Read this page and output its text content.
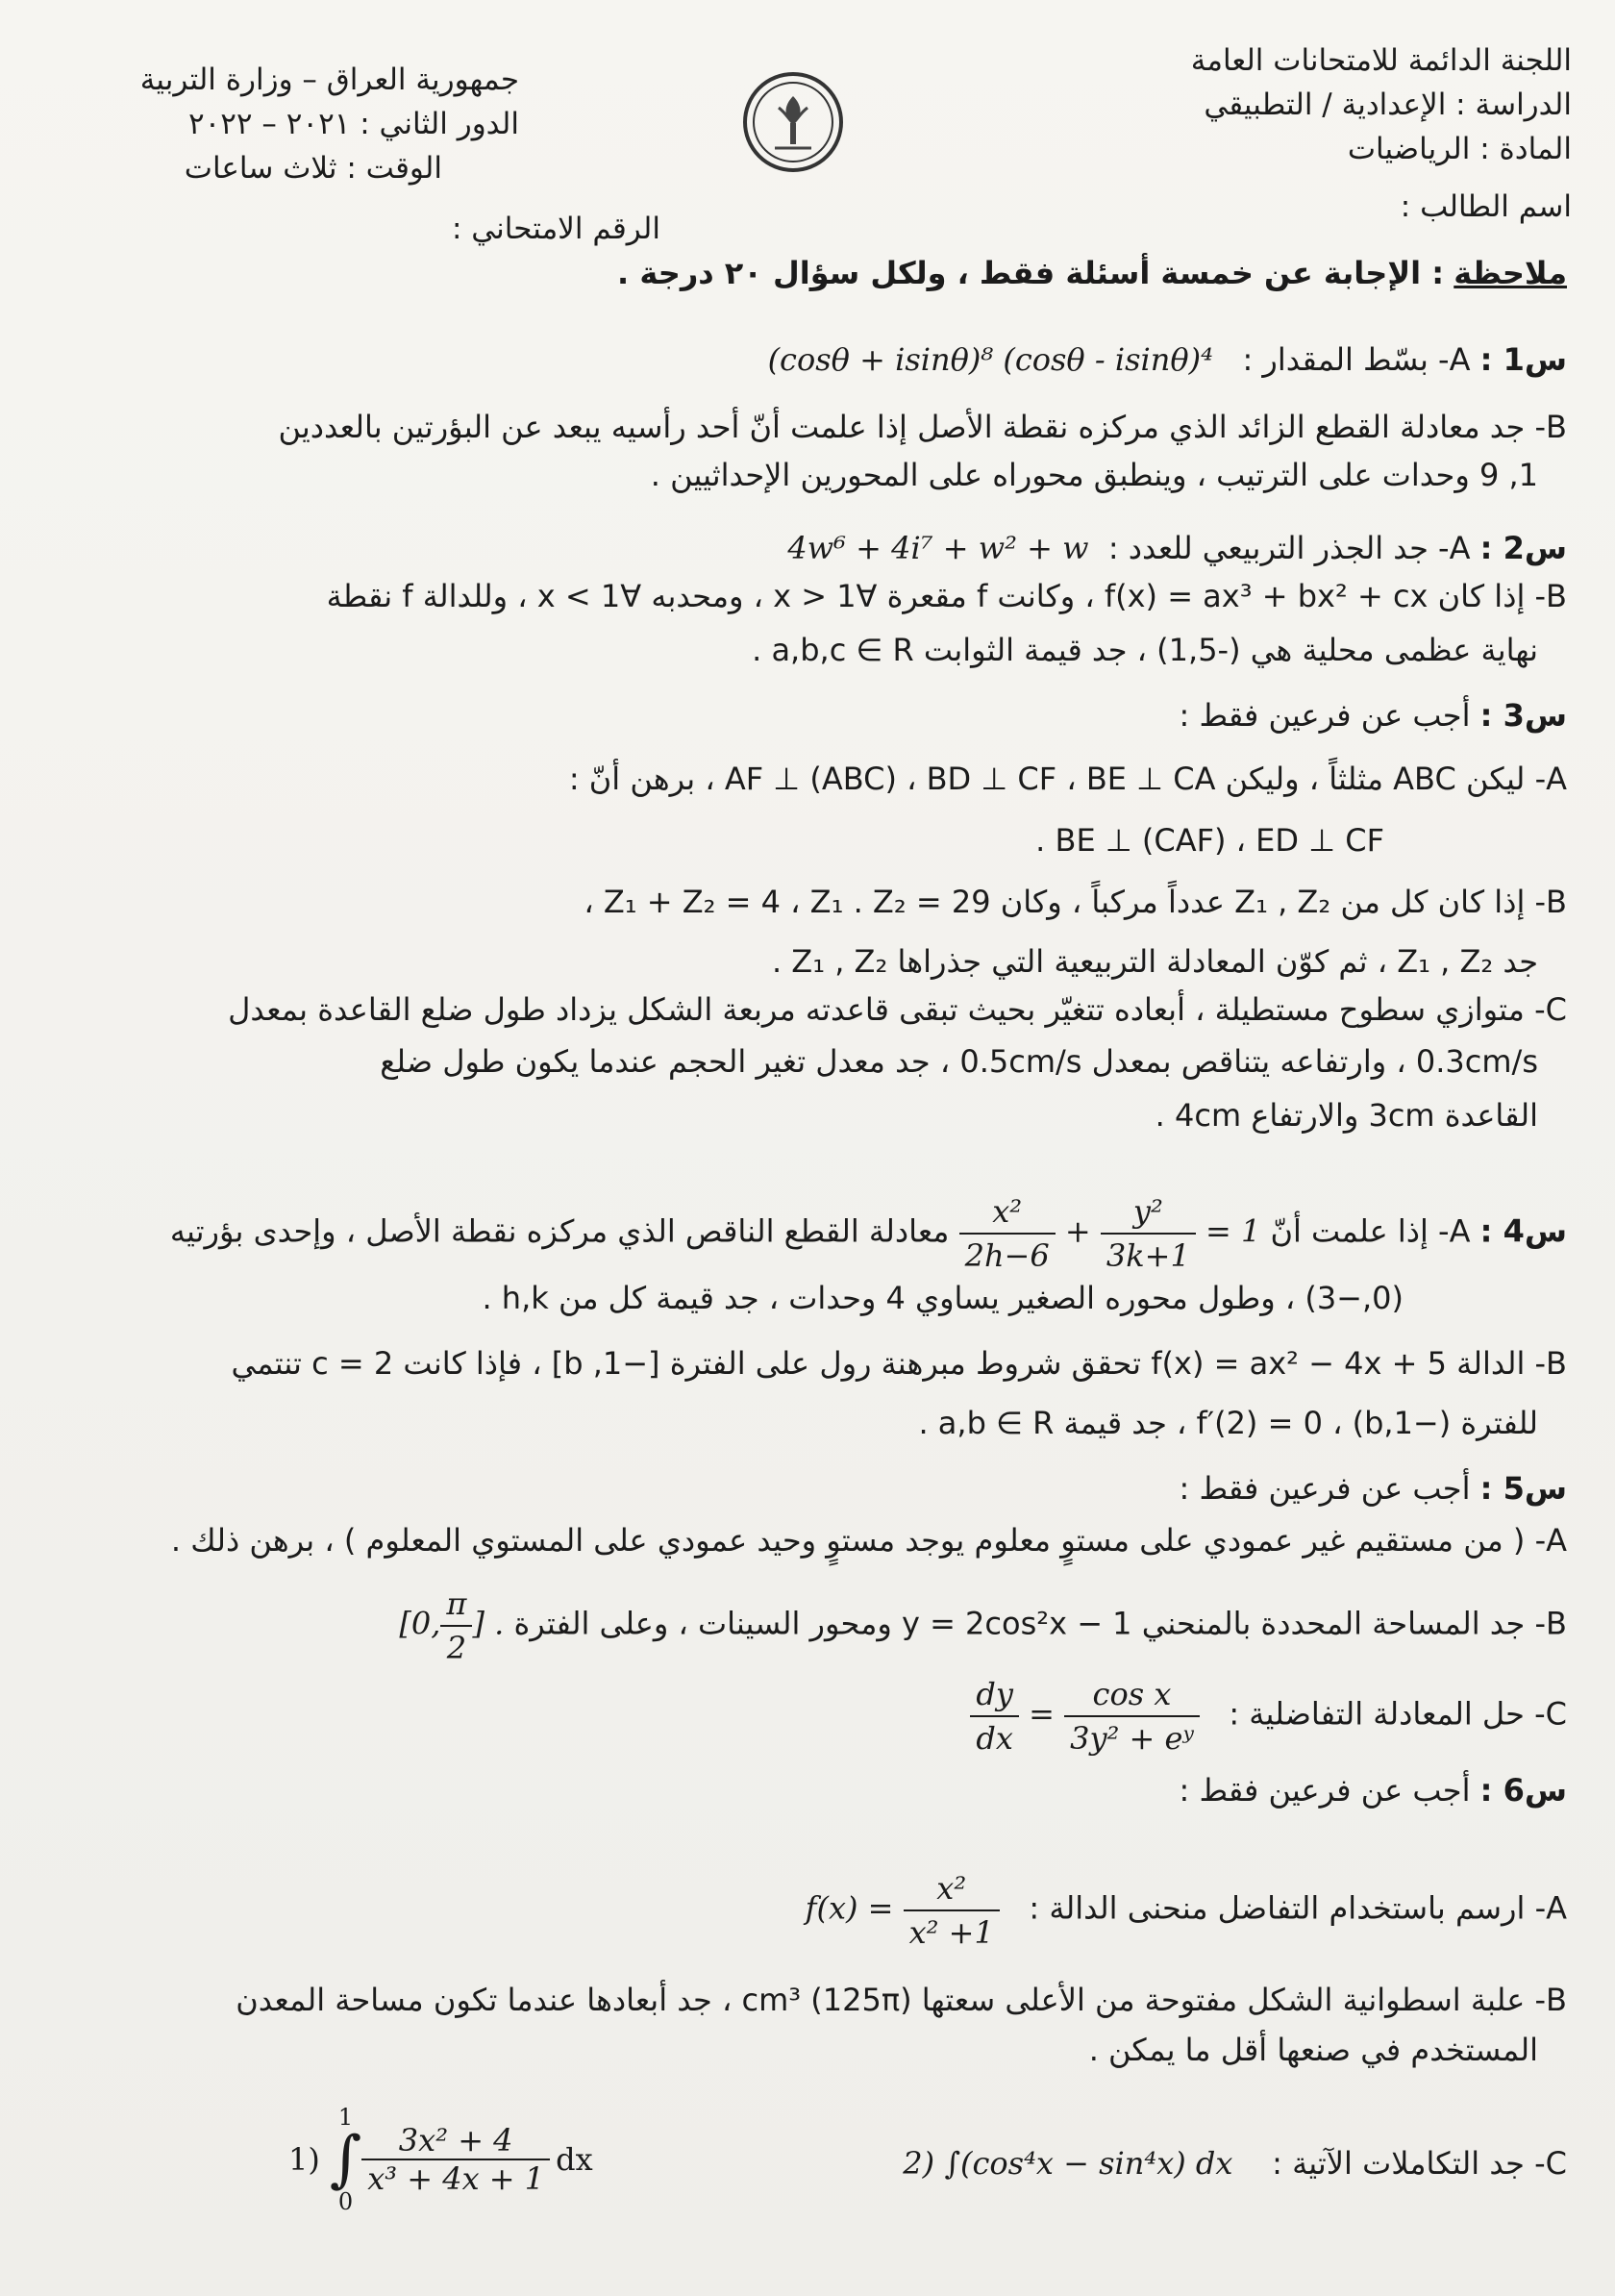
اللجنة الدائمة للامتحانات العامة
الدراسة : الإعدادية / التطبيقي
المادة : الرياضيات
اسم الطالب :
جمهورية العراق – وزارة التربية
الدور الثاني : ٢٠٢١ – ٢٠٢٢
الوقت : ثلاث ساعات
الرقم الامتحاني :
ملاحظة : الإجابة عن خمسة أسئلة فقط ، ولكل سؤال ٢٠ درجة .
س1 : A- بسّط المقدار :   (cosθ + isinθ)⁸ (cosθ - isinθ)⁴
B- جد معادلة القطع الزائد الذي مركزه نقطة الأصل إذا علمت أنّ أحد رأسيه يبعد عن البؤرتين بالعددين
1, 9 وحدات على الترتيب ، وينطبق محوراه على المحورين الإحداثيين .
س2 : A- جد الجذر التربيعي للعدد :  4w⁶ + 4i⁷ + w² + w
B- إذا كان f(x) = ax³ + bx² + cx ، وكانت f مقعرة ∀x > 1 ، ومحدبه ∀x < 1 ، وللدالة f نقطة
نهاية عظمى محلية هي (-1,5) ، جد قيمة الثوابت a,b,c ∈ R .
س3 : أجب عن فرعين فقط :
A- ليكن ABC مثلثاً ، وليكن AF ⊥ (ABC) ، BD ⊥ CF ، BE ⊥ CA ، برهن أنّ :
BE ⊥ (CAF) ، ED ⊥ CF .
B- إذا كان كل من Z₁ , Z₂ عدداً مركباً ، وكان Z₁ + Z₂ = 4 ، Z₁ . Z₂ = 29 ،
جد Z₁ , Z₂ ، ثم كوّن المعادلة التربيعية التي جذراها Z₁ , Z₂ .
C- متوازي سطوح مستطيلة ، أبعاده تتغيّر بحيث تبقى قاعدته مربعة الشكل يزداد طول ضلع القاعدة بمعدل
0.3cm/s ، وارتفاعه يتناقص بمعدل 0.5cm/s ، جد معدل تغير الحجم عندما يكون طول ضلع
القاعدة 3cm والارتفاع 4cm .
س4 : A- إذا علمت أنّ
$\frac{\text{x²}}{2h-6} + \frac{\text{y²}}{3k+1} = 1$ معادلة القطع الناقص الذي مركزه نقطة الأصل ، وإحدى بؤرتيه
(0,−3) ، وطول محوره الصغير يساوي 4 وحدات ، جد قيمة كل من h,k .
B- الدالة f(x) = ax² − 4x + 5 تحقق شروط مبرهنة رول على الفترة [−1, b] ، فإذا كانت c = 2 تنتمي
للفترة (−1,b) ، f′(2) = 0 ، جد قيمة a,b ∈ R .
س5 : أجب عن فرعين فقط :
A- ( من مستقيم غير عمودي على مستوٍ معلوم يوجد مستوٍ وحيد عمودي على المستوي المعلوم ) ، برهن ذلك .
B- جد المساحة المحددة بالمنحني y = 2cos²x − 1 ومحور السينات ، وعلى الفترة [0, $\frac{\pi}{2}$ ] .
C- حل المعادلة التفاضلية :
$\frac{dy}{dx} = \frac{\text{cos x}}{\text{3y² + eʸ}}$
س6 : أجب عن فرعين فقط :
A- ارسم باستخدام التفاضل منحنى الدالة :   $f(x) = \frac{\text{x²}}{\text{x² +1}}$
B- علبة اسطوانية الشكل مفتوحة من الأعلى سعتها (125π) cm³ ، جد أبعادها عندما تكون مساحة المعدن
المستخدم في صنعها أقل ما يمكن .
C- جد التكاملات الآتية :    2) ∫(cos⁴x − sin⁴x) dx
1)
1
∫
0
$\frac{\text{3x² + 4}}{\text{x³ + 4x + 1}}$ dx
